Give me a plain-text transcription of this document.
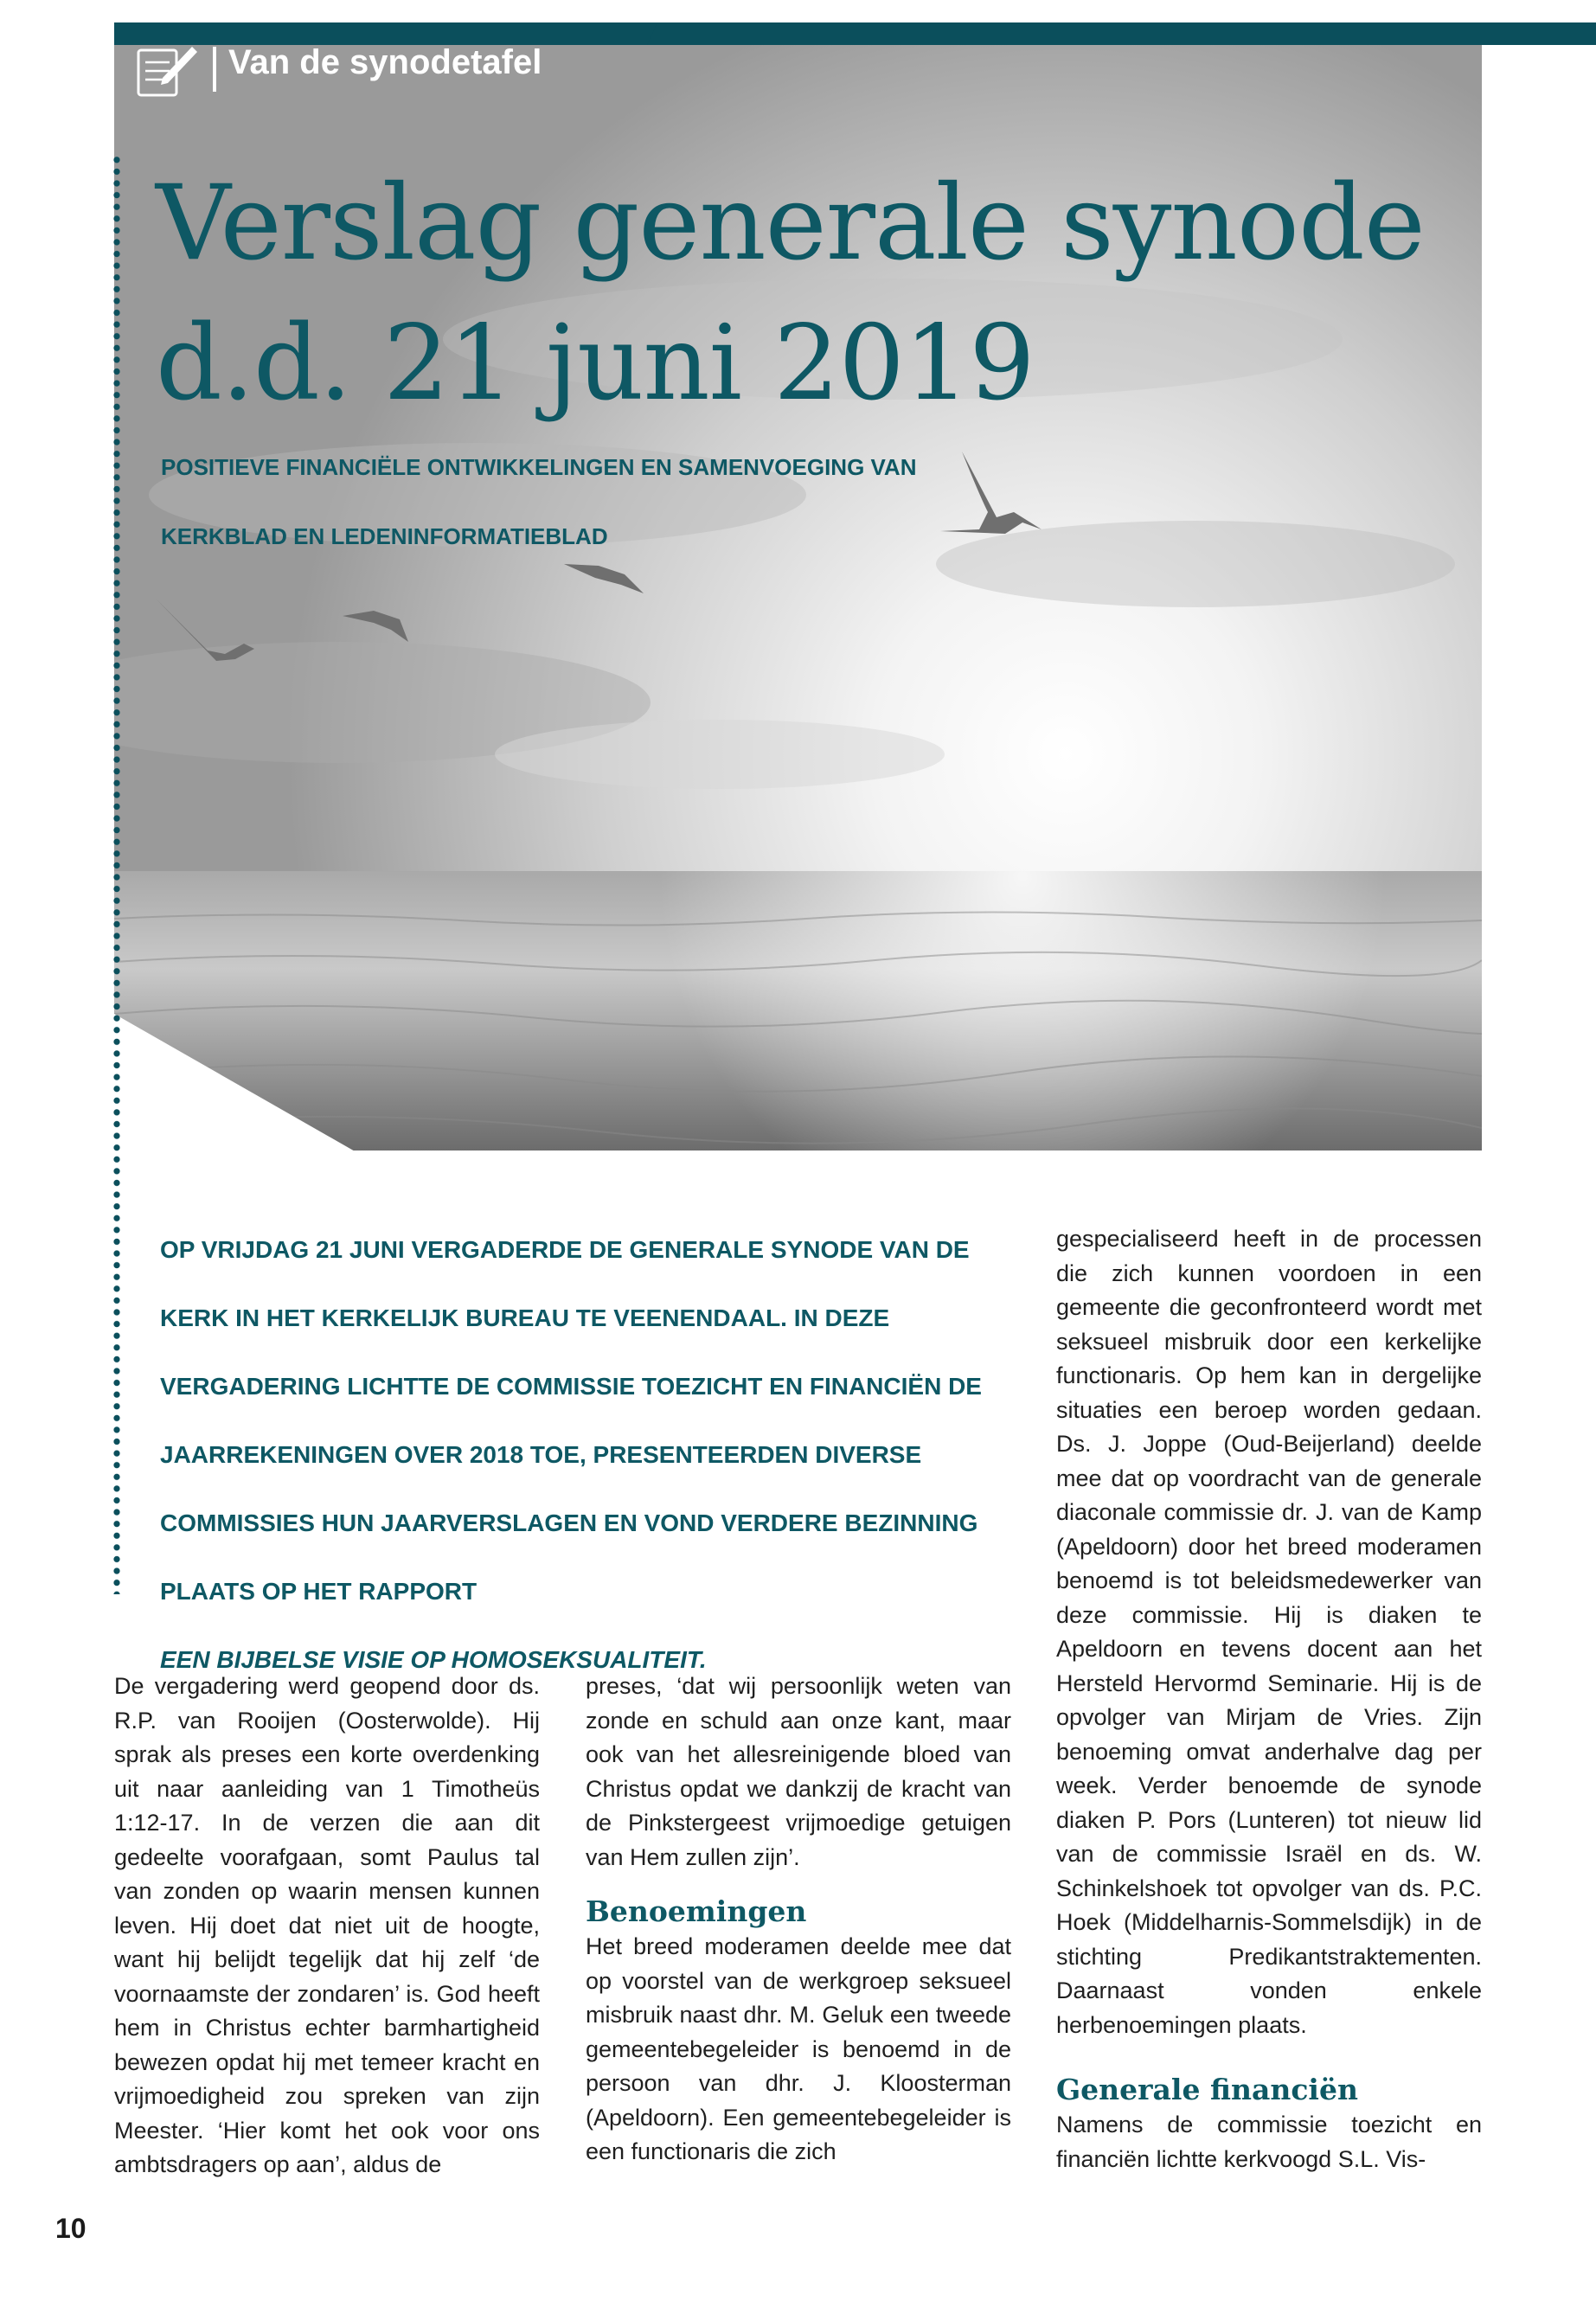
Van de synodetafel
Verslag generale synode d.d. 21 juni 2019
POSITIEVE FINANCIËLE ONTWIKKELINGEN EN SAMENVOEGING VAN KERKBLAD EN LEDENINFORMATIEBLAD
OP VRIJDAG 21 JUNI VERGADERDE DE GENERALE SYNODE VAN DE KERK IN HET KERKELIJK BUREAU TE VEENENDAAL. IN DEZE VERGADERING LICHTTE DE COMMISSIE TOEZICHT EN FINANCIËN DE JAARREKENINGEN OVER 2018 TOE, PRESENTEERDEN DIVERSE COMMISSIES HUN JAARVERSLAGEN EN VOND VERDERE BEZINNING PLAATS OP HET RAPPORT
EEN BIJBELSE VISIE OP HOMOSEKSUALITEIT.

De vergadering werd geopend door ds. R.P. van Rooijen (Oosterwolde). Hij sprak als preses een korte overdenking uit naar aanleiding van 1 Timotheüs 1:12-17. In de verzen die aan dit gedeelte voorafgaan, somt Paulus tal van zonden op waarin mensen kunnen leven. Hij doet dat niet uit de hoogte, want hij belijdt tegelijk dat hij zelf ‘de voornaamste der zondaren’ is. God heeft hem in Christus echter barmhartigheid bewezen opdat hij met temeer kracht en vrijmoedigheid zou spreken van zijn Meester. ‘Hier komt het ook voor ons ambtsdragers op aan’, aldus de

preses, ‘dat wij persoonlijk weten van zonde en schuld aan onze kant, maar ook van het allesreinigende bloed van Christus opdat we dankzij de kracht van de Pinkstergeest vrijmoedige getuigen van Hem zullen zijn’.

Benoemingen

Het breed moderamen deelde mee dat op voorstel van de werkgroep seksueel misbruik naast dhr. M. Geluk een tweede gemeentebegeleider is benoemd in de persoon van dhr. J. Kloosterman (Apeldoorn). Een gemeentebegeleider is een functionaris die zich

gespecialiseerd heeft in de processen die zich kunnen voordoen in een gemeente die geconfronteerd wordt met seksueel misbruik door een kerkelijke functionaris. Op hem kan in dergelijke situaties een beroep worden gedaan. Ds. J. Joppe (Oud-Beijerland) deelde mee dat op voordracht van de generale diaconale commissie dr. J. van de Kamp (Apeldoorn) door het breed moderamen benoemd is tot beleidsmedewerker van deze commissie. Hij is diaken te Apeldoorn en tevens docent aan het Hersteld Hervormd Seminarie. Hij is de opvolger van Mirjam de Vries. Zijn benoeming omvat anderhalve dag per week. Verder benoemde de synode diaken P. Pors (Lunteren) tot nieuw lid van de commissie Israël en ds. W. Schinkelshoek tot opvolger van ds. P.C. Hoek (Middelharnis-Sommelsdijk) in de stichting Predikantstraktementen. Daarnaast vonden enkele herbenoemingen plaats.

Generale financiën

Namens de commissie toezicht en financiën lichtte kerkvoogd S.L. Vis-

10
